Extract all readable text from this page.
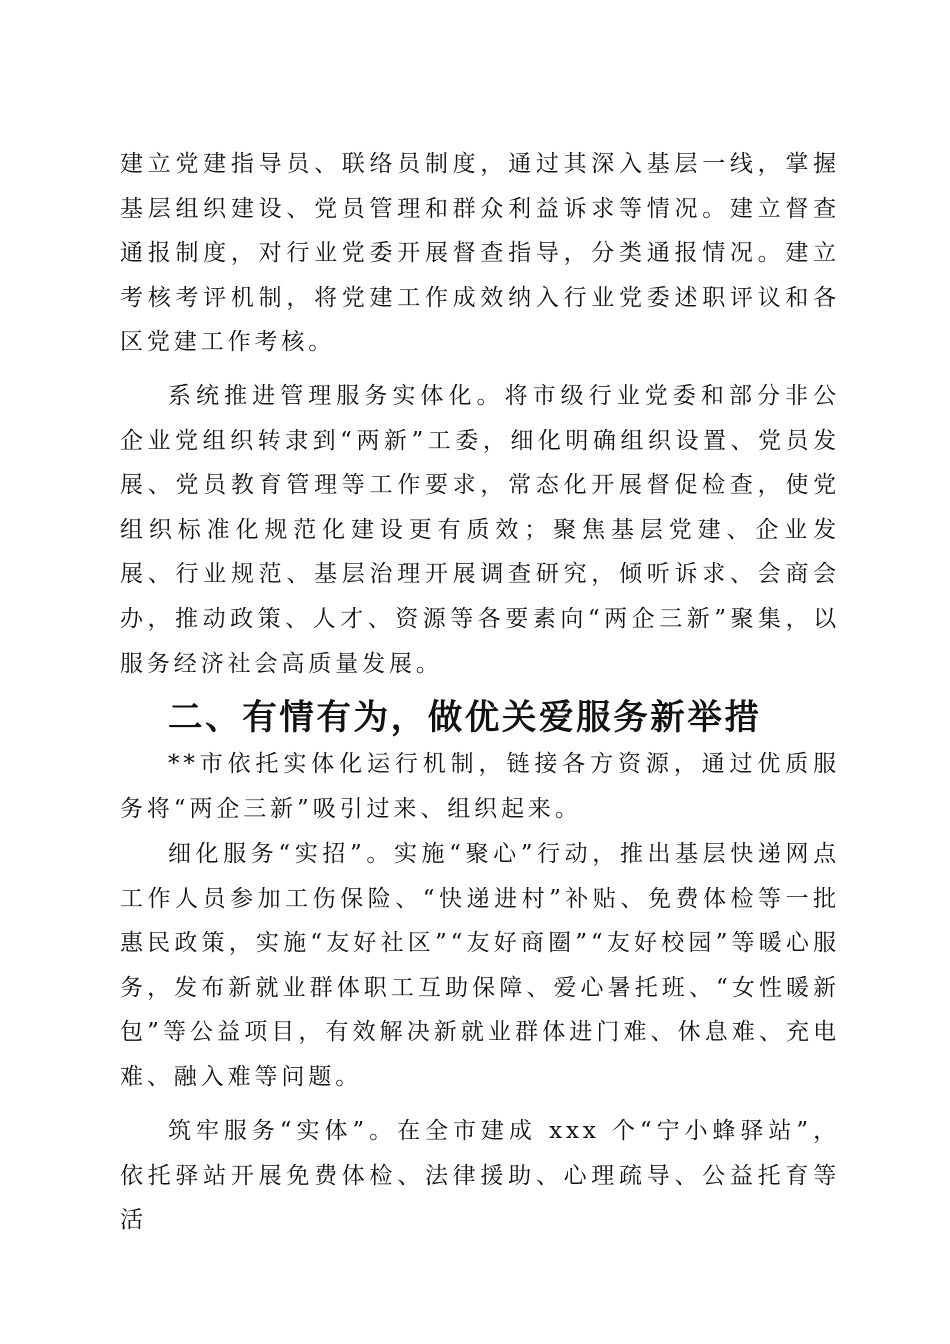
建立党建指导员、联络员制度，通过其深入基层一线，掌握基层组织建设、党员管理和群众利益诉求等情况。建立督查通报制度，对行业党委开展督查指导，分类通报情况。建立考核考评机制，将党建工作成效纳入行业党委述职评议和各区党建工作考核。

系统推进管理服务实体化。将市级行业党委和部分非公企业党组织转隶到“两新”工委，细化明确组织设置、党员发展、党员教育管理等工作要求，常态化开展督促检查，使党组织标准化规范化建设更有质效；聚焦基层党建、企业发展、行业规范、基层治理开展调查研究，倾听诉求、会商会办，推动政策、人才、资源等各要素向“两企三新”聚集，以服务经济社会高质量发展。

二、有情有为，做优关爱服务新举措

**市依托实体化运行机制，链接各方资源，通过优质服务将“两企三新”吸引过来、组织起来。

细化服务“实招”。实施“聚心”行动，推出基层快递网点工作人员参加工伤保险、“快递进村”补贴、免费体检等一批惠民政策，实施“友好社区”“友好商圈”“友好校园”等暖心服务，发布新就业群体职工互助保障、爱心暑托班、“女性暖新包”等公益项目，有效解决新就业群体进门难、休息难、充电难、融入难等问题。

筑牢服务“实体”。在全市建成 xxx 个“宁小蜂驿站”，依托驿站开展免费体检、法律援助、心理疏导、公益托育等活
